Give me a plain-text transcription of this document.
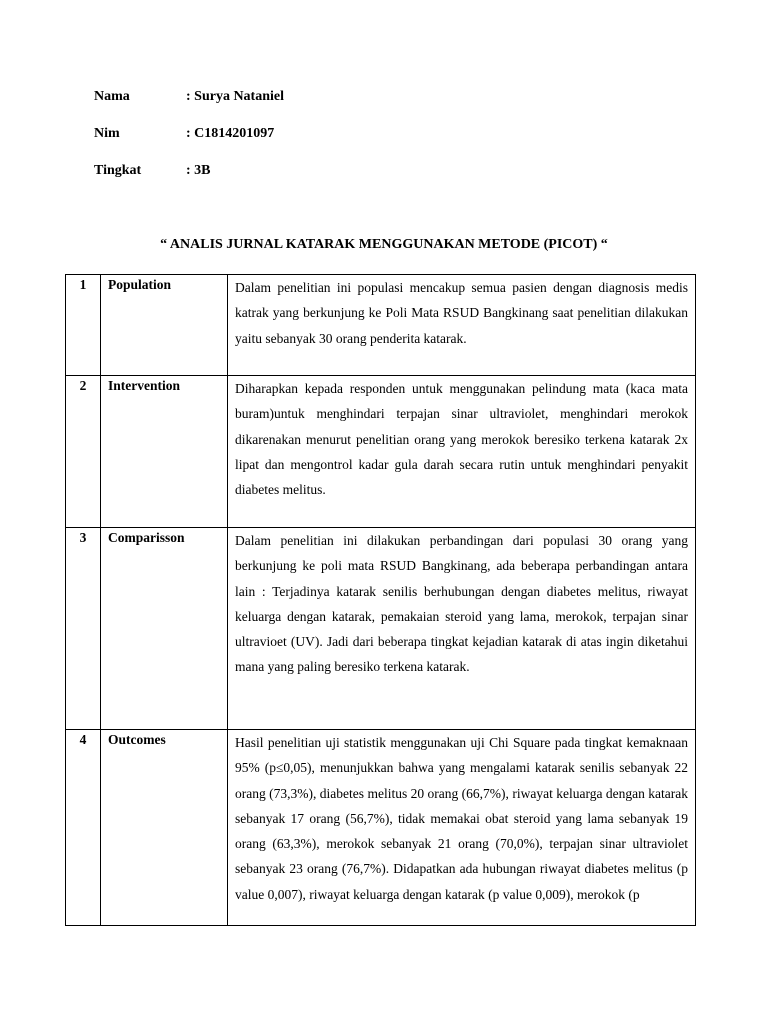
Nama	: Surya Nataniel
Nim	: C1814201097
Tingkat	: 3B
“ ANALIS JURNAL KATARAK MENGGUNAKAN METODE (PICOT) “
1	Population	Dalam penelitian ini populasi mencakup semua pasien dengan diagnosis medis katrak yang berkunjung ke Poli Mata RSUD Bangkinang saat penelitian dilakukan yaitu sebanyak 30 orang penderita katarak.

2	Intervention	Diharapkan kepada responden untuk menggunakan pelindung mata (kaca mata buram)untuk menghindari terpajan sinar ultraviolet, menghindari merokok dikarenakan menurut penelitian orang yang merokok beresiko terkena katarak 2x lipat dan mengontrol kadar gula darah secara rutin untuk menghindari penyakit diabetes melitus.

3	Comparisson	Dalam penelitian ini dilakukan perbandingan dari populasi 30 orang yang berkunjung ke poli mata RSUD Bangkinang, ada beberapa perbandingan antara lain : Terjadinya katarak senilis berhubungan dengan diabetes melitus, riwayat keluarga dengan katarak, pemakaian steroid yang lama, merokok, terpajan sinar ultravioet (UV). Jadi dari beberapa tingkat kejadian katarak di atas ingin diketahui mana yang paling beresiko terkena katarak.

4	Outcomes	Hasil penelitian uji statistik menggunakan uji Chi Square pada tingkat kemaknaan 95% (p≤0,05), menunjukkan bahwa yang mengalami katarak senilis sebanyak 22 orang (73,3%), diabetes melitus 20 orang (66,7%), riwayat keluarga dengan katarak sebanyak 17 orang (56,7%), tidak memakai obat steroid yang lama sebanyak 19 orang (63,3%), merokok sebanyak 21 orang (70,0%), terpajan sinar ultraviolet sebanyak 23 orang (76,7%). Didapatkan ada hubungan riwayat diabetes melitus (p value 0,007), riwayat keluarga dengan katarak (p value 0,009), merokok (p
